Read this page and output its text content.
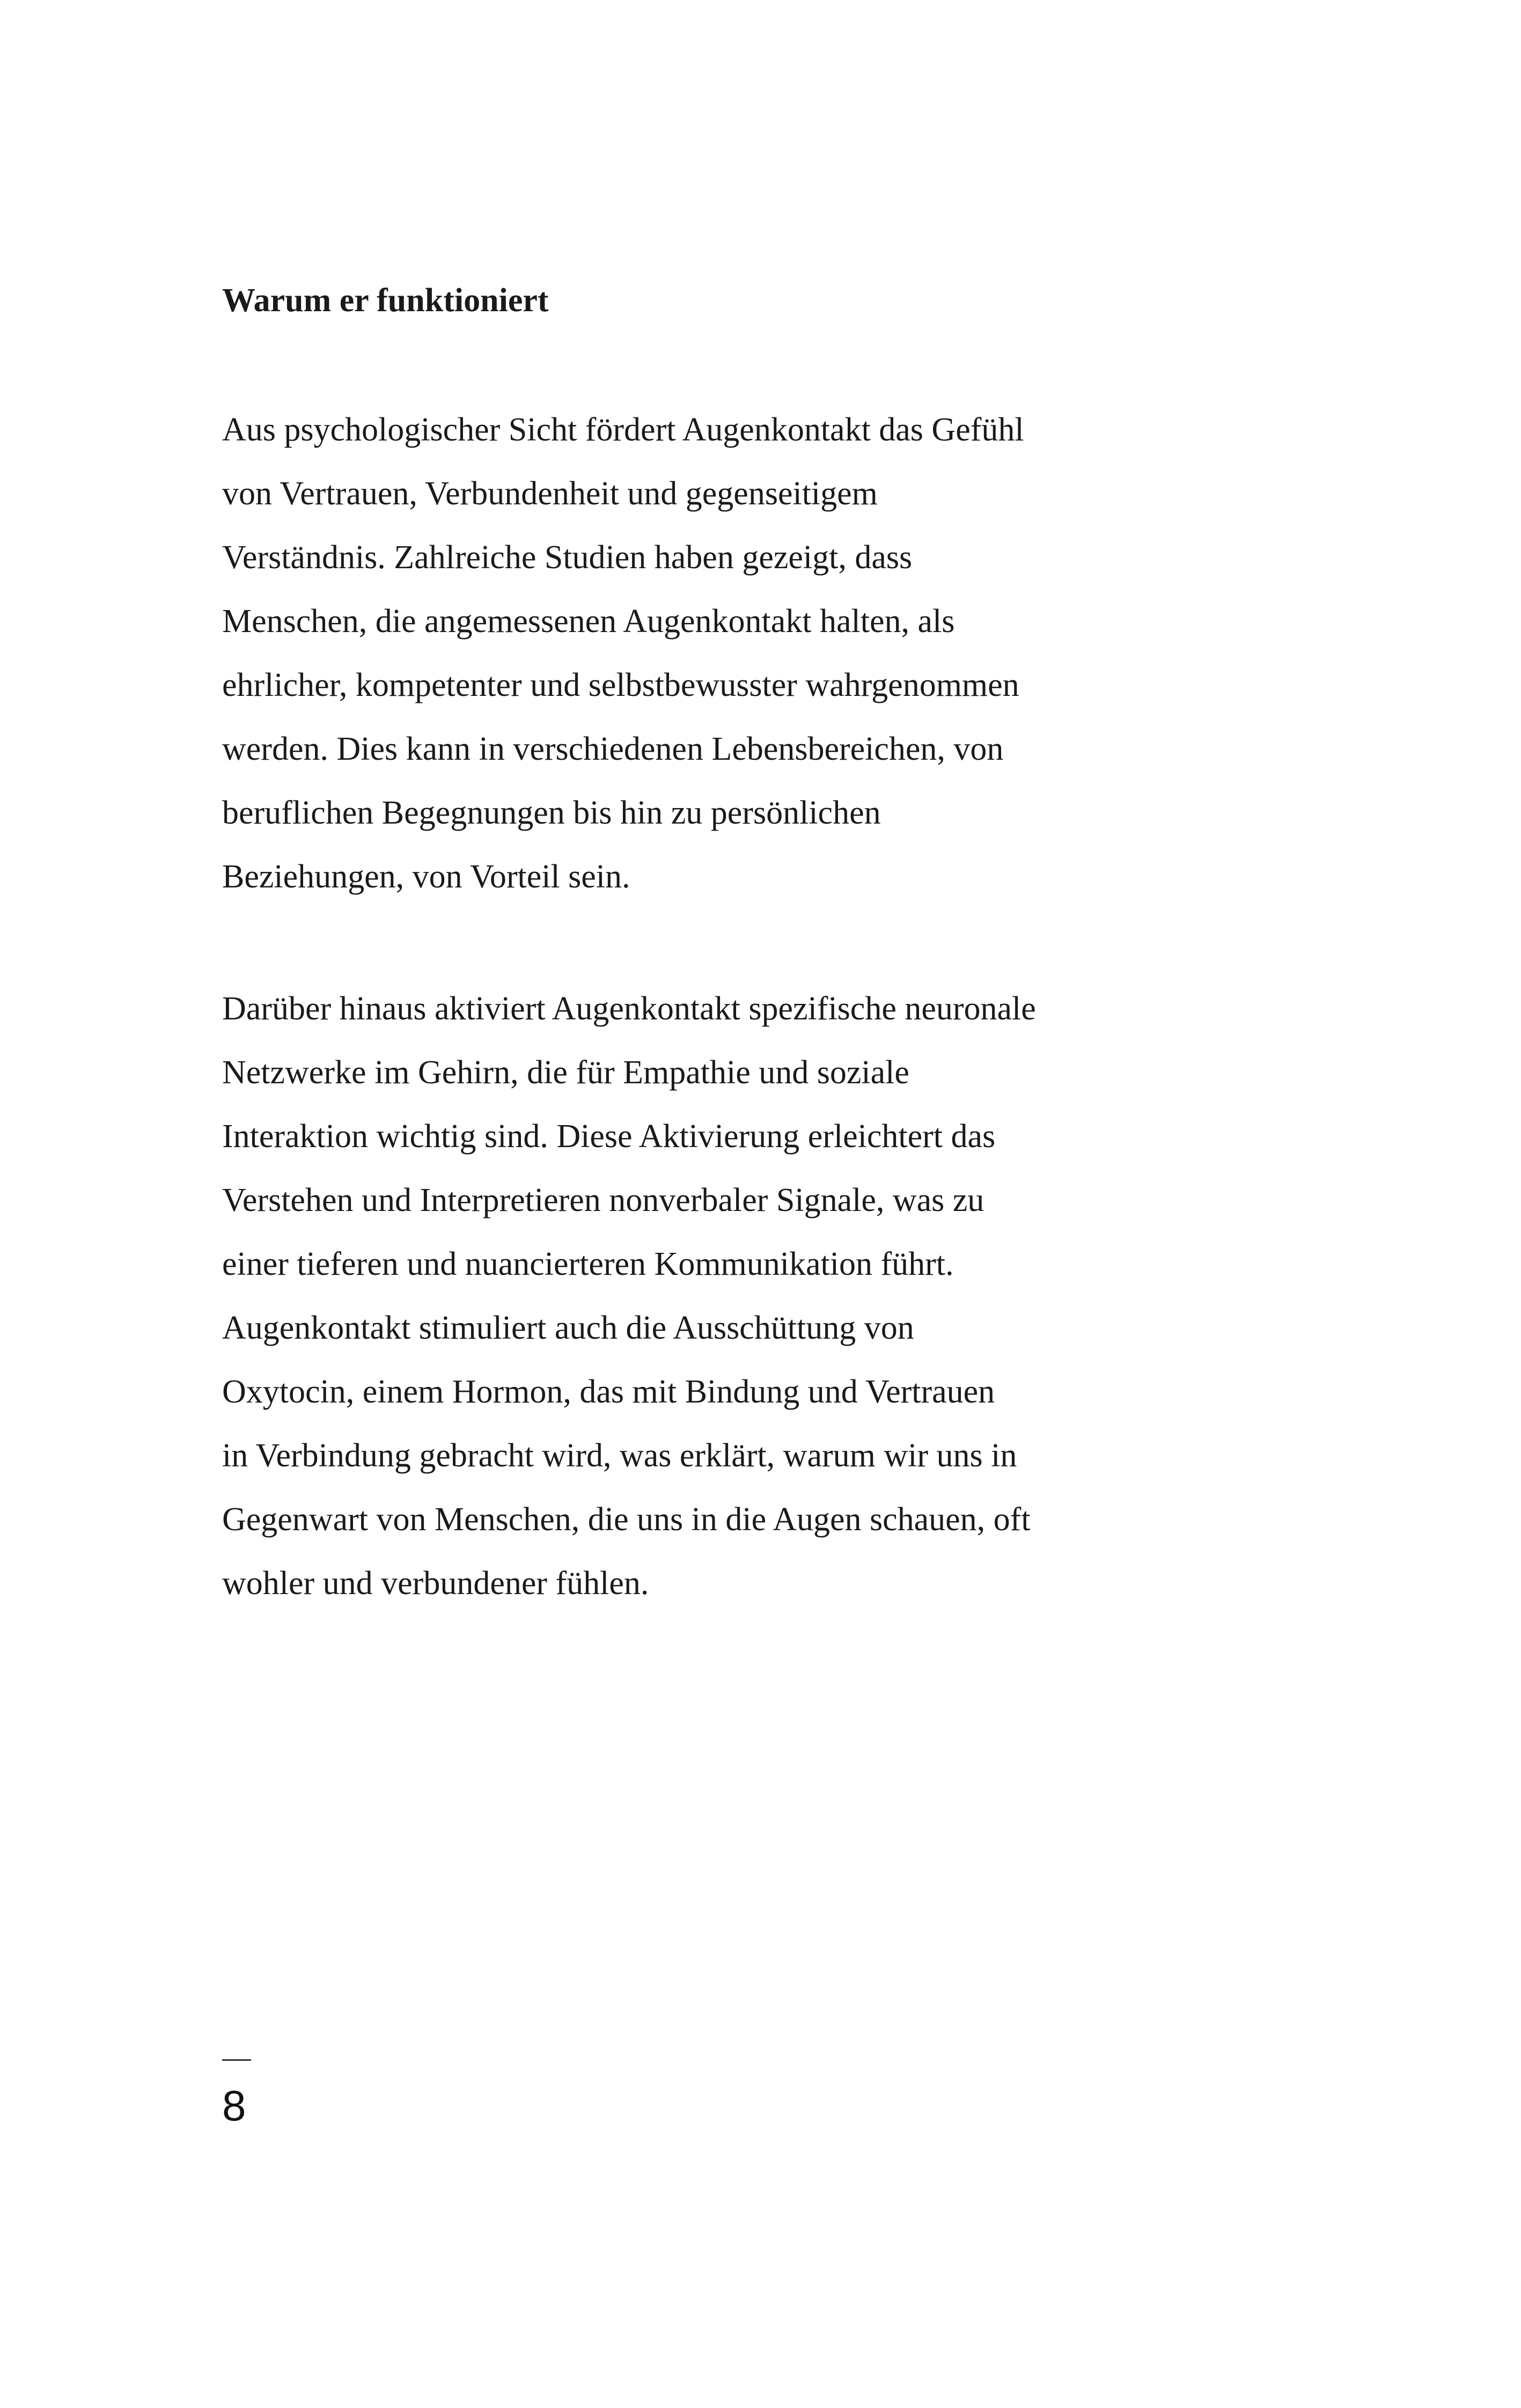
Warum er funktioniert

Aus psychologischer Sicht fördert Augenkontakt das Gefühl
von Vertrauen, Verbundenheit und gegenseitigem
Verständnis. Zahlreiche Studien haben gezeigt, dass
Menschen, die angemessenen Augenkontakt halten, als
ehrlicher, kompetenter und selbstbewusster wahrgenommen
werden. Dies kann in verschiedenen Lebensbereichen, von
beruflichen Begegnungen bis hin zu persönlichen
Beziehungen, von Vorteil sein.

Darüber hinaus aktiviert Augenkontakt spezifische neuronale
Netzwerke im Gehirn, die für Empathie und soziale
Interaktion wichtig sind. Diese Aktivierung erleichtert das
Verstehen und Interpretieren nonverbaler Signale, was zu
einer tieferen und nuancierteren Kommunikation führt.
Augenkontakt stimuliert auch die Ausschüttung von
Oxytocin, einem Hormon, das mit Bindung und Vertrauen
in Verbindung gebracht wird, was erklärt, warum wir uns in
Gegenwart von Menschen, die uns in die Augen schauen, oft
wohler und verbundener fühlen.

8
